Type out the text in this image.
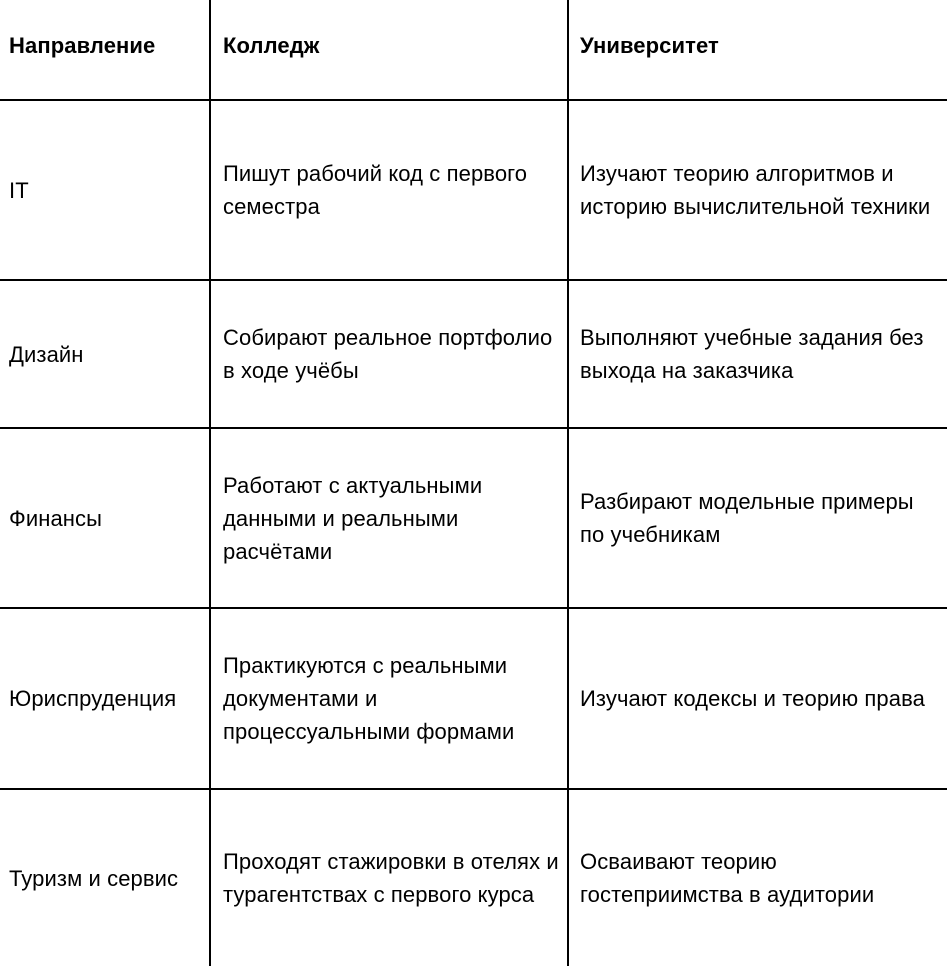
Направление	Колледж	Университет
IT
Пишут рабочий код с первого семестра
Изучают теорию алгоритмов и историю вычислительной техники
Дизайн
Собирают реальное портфолио в ходе учёбы
Выполняют учебные задания без выхода на заказчика
Финансы
Работают с актуальными данными и реальными расчётами
Разбирают модельные примеры по учебникам
Юриспруденция
Практикуются с реальными документами и процессуальными формами
Изучают кодексы и теорию права
Туризм и сервис
Проходят стажировки в отелях и турагентствах с первого курса
Осваивают теорию гостеприимства в аудитории
